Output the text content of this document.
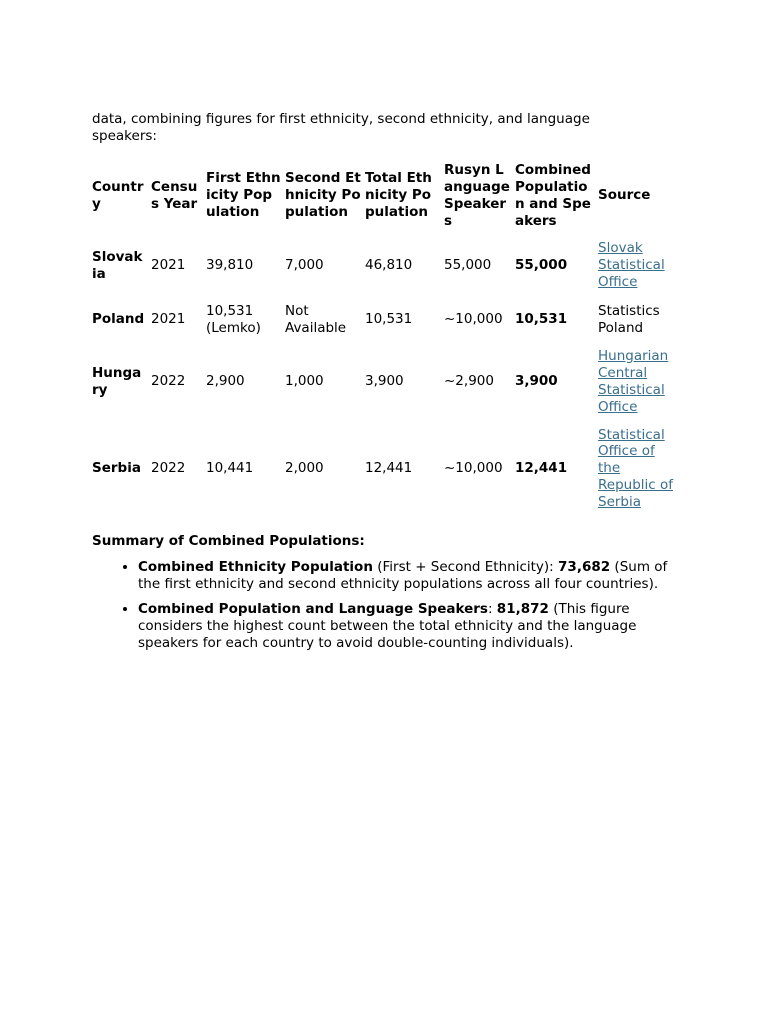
data, combining figures for first ethnicity, second ethnicity, and language speakers:

Country	Census Year	First Ethnicity Population	Second Ethnicity Population	Total Ethnicity Population	Rusyn Language Speakers	Combined Population and Speakers	Source
Slovakia	2021	39,810	7,000	46,810	55,000	55,000	Slovak Statistical Office
Poland	2021	10,531 (Lemko)	Not Available	10,531	~10,000	10,531	Statistics Poland
Hungary	2022	2,900	1,000	3,900	~2,900	3,900	Hungarian Central Statistical Office
Serbia	2022	10,441	2,000	12,441	~10,000	12,441	Statistical Office of the Republic of Serbia
Summary of Combined Populations:
• Combined Ethnicity Population (First + Second Ethnicity): 73,682 (Sum of the first ethnicity and second ethnicity populations across all four countries).
• Combined Population and Language Speakers: 81,872 (This figure considers the highest count between the total ethnicity and the language speakers for each country to avoid double-counting individuals).
